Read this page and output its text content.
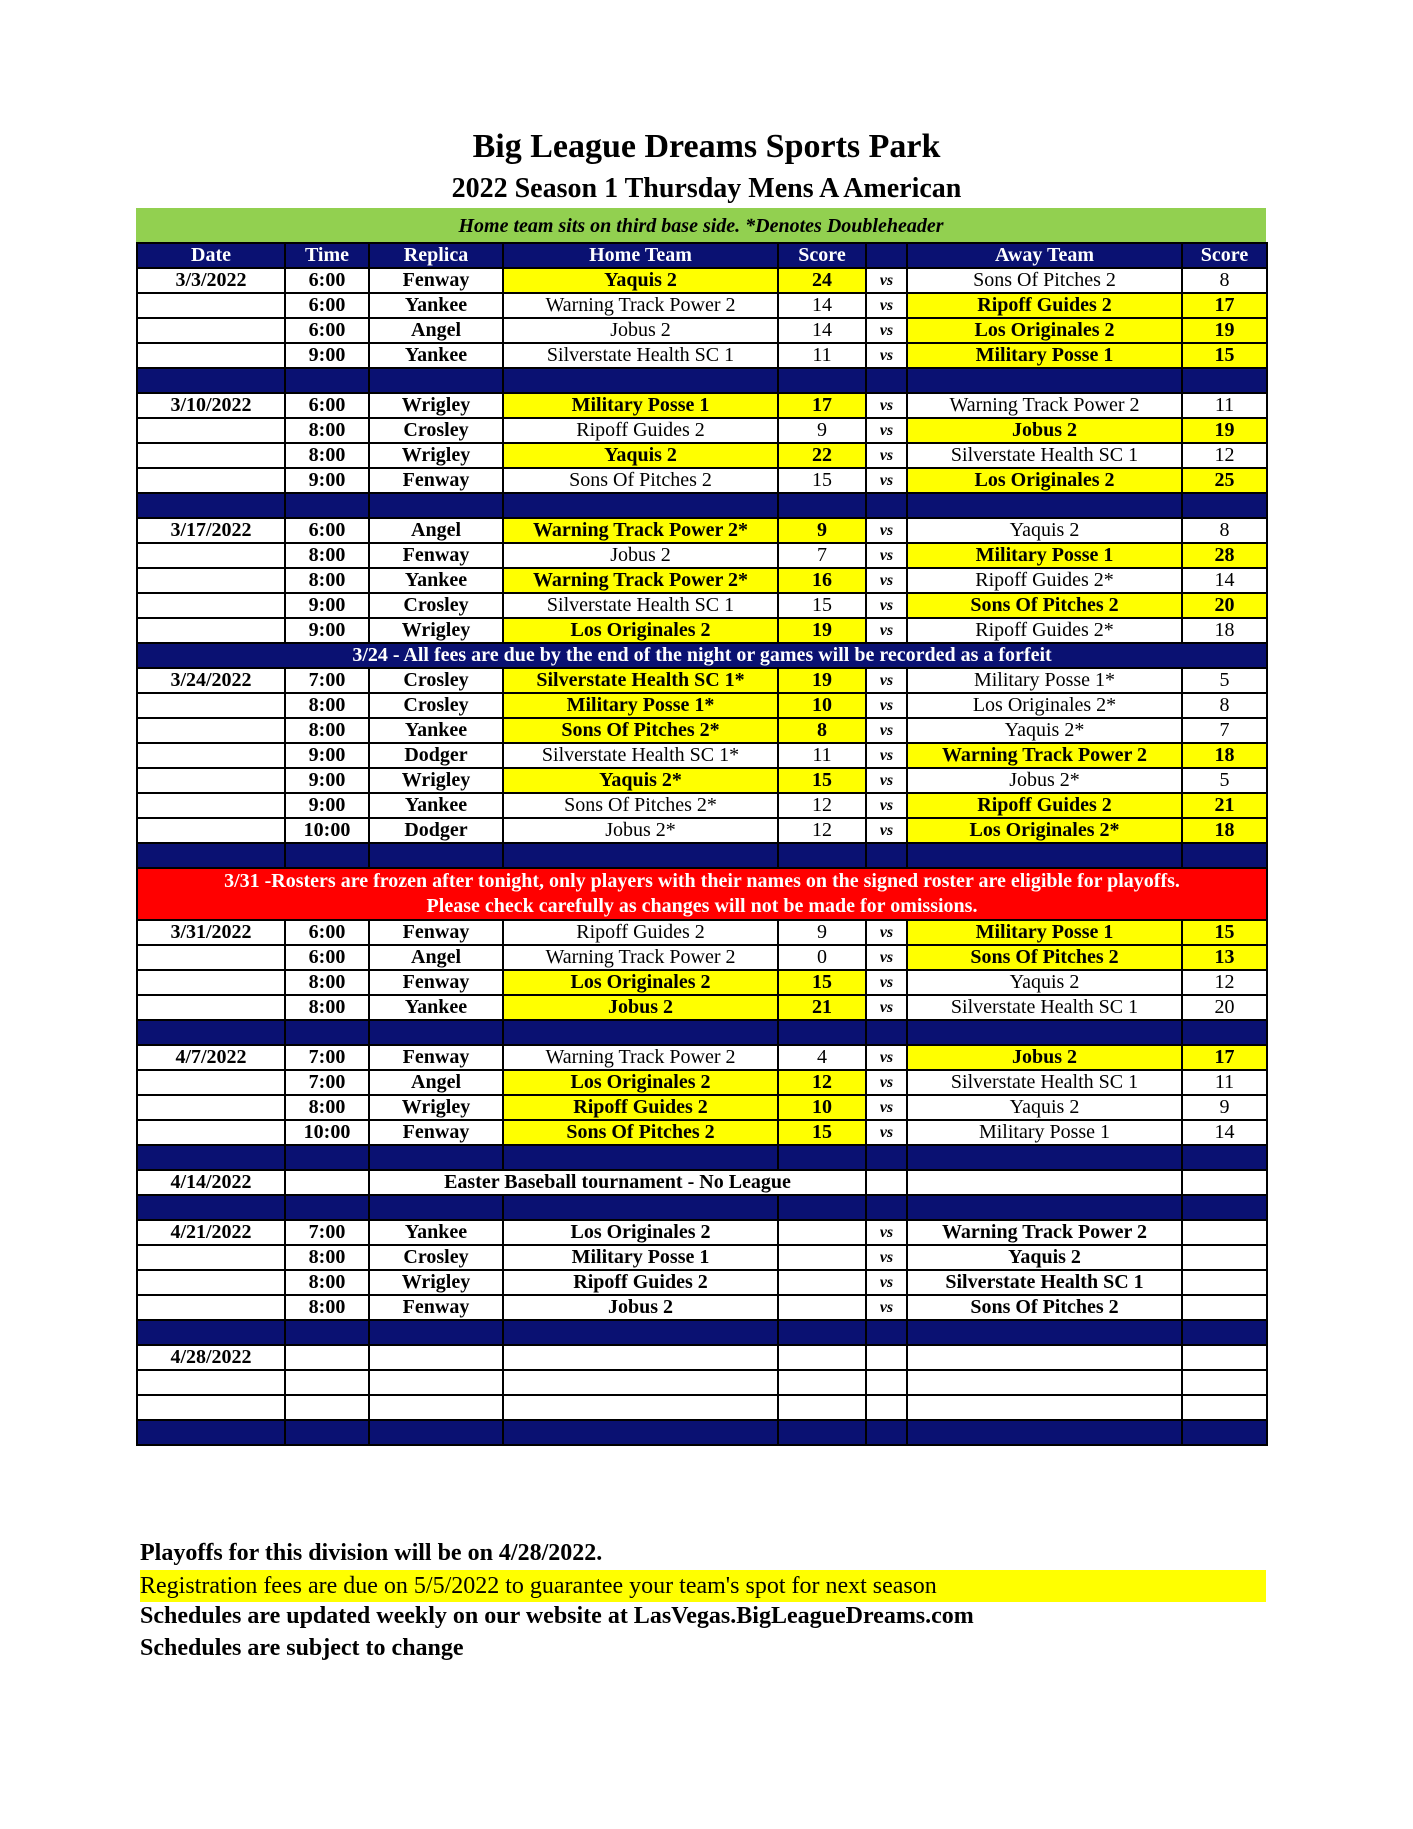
Big League Dreams Sports Park
2022 Season 1 Thursday Mens A American
Home team sits on third base side. *Denotes Doubleheader
Date	Time	Replica	Home Team	Score		Away Team	Score
3/3/2022	6:00	Fenway	Yaquis 2	24	vs	Sons Of Pitches 2	8
	6:00	Yankee	Warning Track Power 2	14	vs	Ripoff Guides 2	17
	6:00	Angel	Jobus 2	14	vs	Los Originales 2	19
	9:00	Yankee	Silverstate Health SC 1	11	vs	Military Posse 1	15

3/10/2022	6:00	Wrigley	Military Posse 1	17	vs	Warning Track Power 2	11
	8:00	Crosley	Ripoff Guides 2	9	vs	Jobus 2	19
	8:00	Wrigley	Yaquis 2	22	vs	Silverstate Health SC 1	12
	9:00	Fenway	Sons Of Pitches 2	15	vs	Los Originales 2	25

3/17/2022	6:00	Angel	Warning Track Power 2*	9	vs	Yaquis 2	8
	8:00	Fenway	Jobus 2	7	vs	Military Posse 1	28
	8:00	Yankee	Warning Track Power 2*	16	vs	Ripoff Guides 2*	14
	9:00	Crosley	Silverstate Health SC 1	15	vs	Sons Of Pitches 2	20
	9:00	Wrigley	Los Originales 2	19	vs	Ripoff Guides 2*	18
3/24 - All fees are due by the end of the night or games will be recorded as a forfeit							
3/24/2022	7:00	Crosley	Silverstate Health SC 1*	19	vs	Military Posse 1*	5
	8:00	Crosley	Military Posse 1*	10	vs	Los Originales 2*	8
	8:00	Yankee	Sons Of Pitches 2*	8	vs	Yaquis 2*	7
	9:00	Dodger	Silverstate Health SC 1*	11	vs	Warning Track Power 2	18
	9:00	Wrigley	Yaquis 2*	15	vs	Jobus 2*	5
	9:00	Yankee	Sons Of Pitches 2*	12	vs	Ripoff Guides 2	21
	10:00	Dodger	Jobus 2*	12	vs	Los Originales 2*	18

3/31 -Rosters are frozen after tonight, only players with their names on the signed roster are eligible for playoffs.
Please check carefully as changes will not be made for omissions.							
3/31/2022	6:00	Fenway	Ripoff Guides 2	9	vs	Military Posse 1	15
	6:00	Angel	Warning Track Power 2	0	vs	Sons Of Pitches 2	13
	8:00	Fenway	Los Originales 2	15	vs	Yaquis 2	12
	8:00	Yankee	Jobus 2	21	vs	Silverstate Health SC 1	20

4/7/2022	7:00	Fenway	Warning Track Power 2	4	vs	Jobus 2	17
	7:00	Angel	Los Originales 2	12	vs	Silverstate Health SC 1	11
	8:00	Wrigley	Ripoff Guides 2	10	vs	Yaquis 2	9
	10:00	Fenway	Sons Of Pitches 2	15	vs	Military Posse 1	14

4/14/2022		Easter Baseball tournament - No League					

4/21/2022	7:00	Yankee	Los Originales 2		vs	Warning Track Power 2	
	8:00	Crosley	Military Posse 1		vs	Yaquis 2	
	8:00	Wrigley	Ripoff Guides 2		vs	Silverstate Health SC 1	
	8:00	Fenway	Jobus 2		vs	Sons Of Pitches 2	

4/28/2022							

Playoffs for this division will be on 4/28/2022.
Registration fees are due on 5/5/2022 to guarantee your team's spot for next season
Schedules are updated weekly on our website at LasVegas.BigLeagueDreams.com
Schedules are subject to change
